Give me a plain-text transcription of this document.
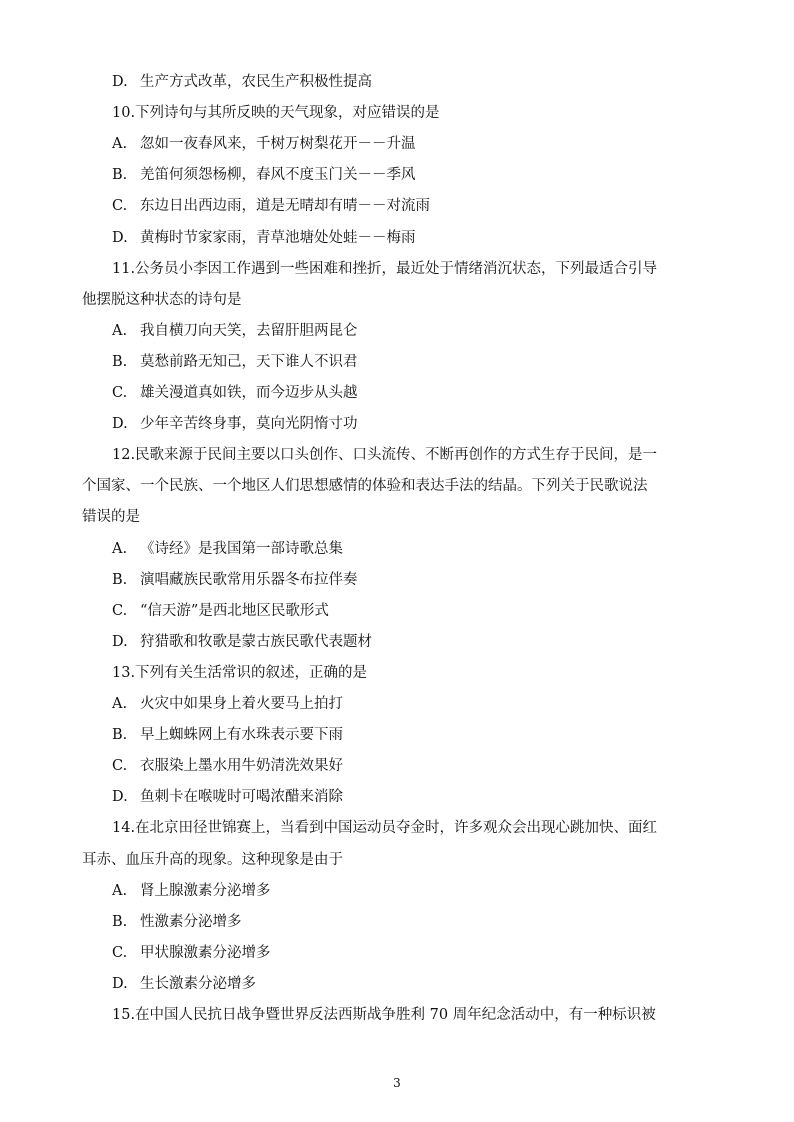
D. 生产方式改革，农民生产积极性提高
10.下列诗句与其所反映的天气现象，对应错误的是
A. 忽如一夜春风来，千树万树梨花开－－升温
B. 羌笛何须怨杨柳，春风不度玉门关－－季风
C. 东边日出西边雨，道是无晴却有晴－－对流雨
D. 黄梅时节家家雨，青草池塘处处蛙－－梅雨
11.公务员小李因工作遇到一些困难和挫折，最近处于情绪消沉状态，下列最适合引导
他摆脱这种状态的诗句是
A. 我自横刀向天笑，去留肝胆两昆仑
B. 莫愁前路无知己，天下谁人不识君
C. 雄关漫道真如铁，而今迈步从头越
D. 少年辛苦终身事，莫向光阴惰寸功
12.民歌来源于民间主要以口头创作、口头流传、不断再创作的方式生存于民间，是一
个国家、一个民族、一个地区人们思想感情的体验和表达手法的结晶。下列关于民歌说法
错误的是
A. 《诗经》是我国第一部诗歌总集
B. 演唱藏族民歌常用乐器冬布拉伴奏
C. “信天游”是西北地区民歌形式
D. 狩猎歌和牧歌是蒙古族民歌代表题材
13.下列有关生活常识的叙述，正确的是
A. 火灾中如果身上着火要马上拍打
B. 早上蜘蛛网上有水珠表示要下雨
C. 衣服染上墨水用牛奶清洗效果好
D. 鱼刺卡在喉咙时可喝浓醋来消除
14.在北京田径世锦赛上，当看到中国运动员夺金时，许多观众会出现心跳加快、面红
耳赤、血压升高的现象。这种现象是由于
A. 肾上腺激素分泌增多
B. 性激素分泌增多
C. 甲状腺激素分泌增多
D. 生长激素分泌增多
15.在中国人民抗日战争暨世界反法西斯战争胜利 70 周年纪念活动中，有一种标识被
3
